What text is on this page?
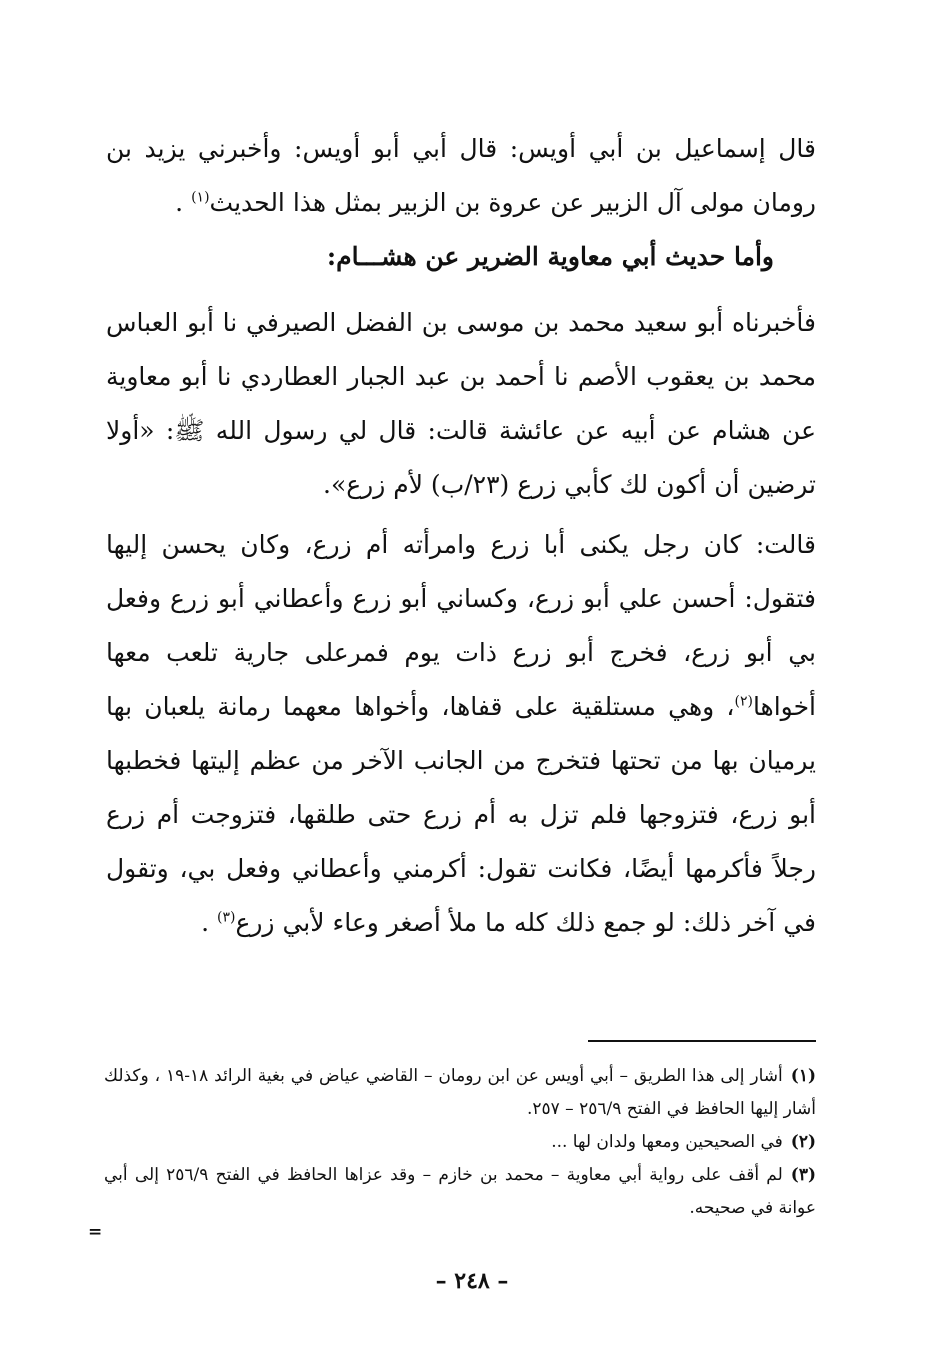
قال إسماعيل بن أبي أويس: قال أبي أبو أويس: وأخبرني يزيد بن رومان مولى آل الزبير عن عروة بن الزبير بمثل هذا الحديث$^{(١)}$ .

وأما حديث أبي معاوية الضرير عن هشـــام:

فأخبرناه أبو سعيد محمد بن موسى بن الفضل الصيرفي نا أبو العباس محمد بن يعقوب الأصم نا أحمد بن عبد الجبار العطاردي نا أبو معاوية عن هشام عن أبيه عن عائشة قالت: قال لي رسول الله ﷺ: «أولا ترضين أن أكون لك كأبي زرع (٢٣/ب) لأم زرع».

قالت: كان رجل يكنى أبا زرع وامرأته أم زرع، وكان يحسن إليها فتقول: أحسن علي أبو زرع، وكساني أبو زرع وأعطاني أبو زرع وفعل بي أبو زرع، فخرج أبو زرع ذات يوم فمرعلى جارية تلعب معها أخواها$^{(٢)}$، وهي مستلقية على قفاها، وأخواها معهما رمانة يلعبان بها يرميان بها من تحتها فتخرج من الجانب الآخر من عظم إليتها فخطبها أبو زرع، فتزوجها فلم تزل به أم زرع حتى طلقها، فتزوجت أم زرع رجلاً فأكرمها أيضًا، فكانت تقول: أكرمني وأعطاني وفعل بي، وتقول في آخر ذلك: لو جمع ذلك كله ما ملأ أصغر وعاء لأبي زرع$^{(٣)}$ .

(١)أشار إلى هذا الطريق – أبي أويس عن ابن رومان – القاضي عياض في بغية الرائد ١٨-١٩ ، وكذلك أشار إليها الحافظ في الفتح ٢٥٦/٩ – ٢٥٧.
(٢)في الصحيحين ومعها ولدان لها ...
(٣)لم أقف على رواية أبي معاوية – محمد بن خازم – وقد عزاها الحافظ في الفتح ٢٥٦/٩ إلى أبي عوانة في صحيحه.
=
– ٢٤٨ –
